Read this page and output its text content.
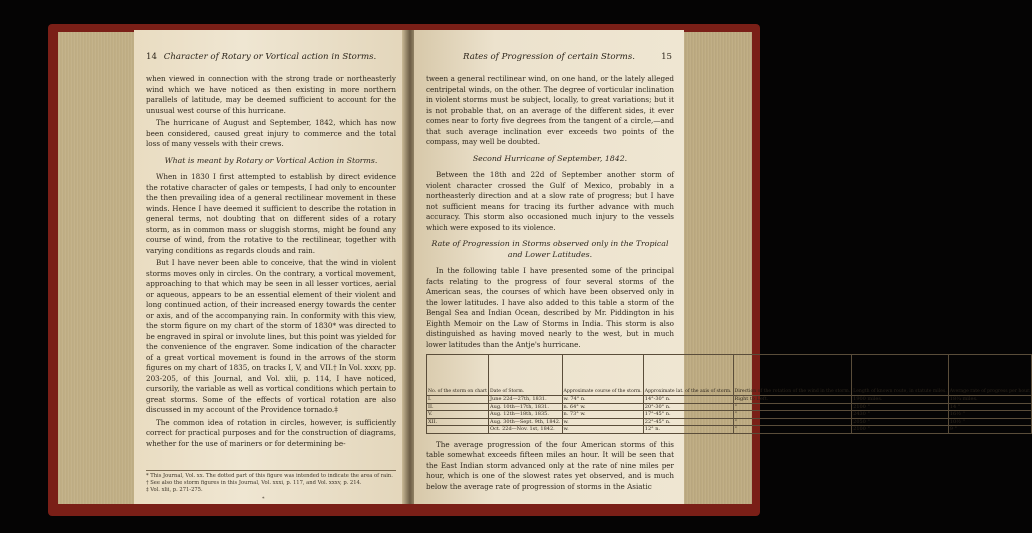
14 Character of Rotary or Vortical action in Storms.

when viewed in connection with the strong trade or northeasterly wind which we have noticed as then existing in more northern parallels of latitude, may be deemed sufficient to account for the unusual west course of this hurricane.

The hurricane of August and September, 1842, which has now been considered, caused great injury to commerce and the total loss of many vessels with their crews.

What is meant by Rotary or Vortical Action in Storms.

When in 1830 I first attempted to establish by direct evidence the rotative character of gales or tempests, I had only to encounter the then prevailing idea of a general rectilinear movement in these winds. Hence I have deemed it sufficient to describe the rotation in general terms, not doubting that on different sides of a rotary storm, as in common mass or sluggish storms, might be found any course of wind, from the rotative to the rectilinear, together with varying conditions as regards clouds and rain.

But I have never been able to conceive, that the wind in violent storms moves only in circles. On the contrary, a vortical movement, approaching to that which may be seen in all lesser vortices, aerial or aqueous, appears to be an essential element of their violent and long continued action, of their increased energy towards the center or axis, and of the accompanying rain. In conformity with this view, the storm figure on my chart of the storm of 1830* was directed to be engraved in spiral or involute lines, but this point was yielded for the convenience of the engraver. Some indication of the character of a great vortical movement is found in the arrows of the storm figures on my chart of 1835, on tracks I, V, and VII.† In Vol. xxxv, pp. 203-205, of this Journal, and Vol. xlii, p. 114, I have noticed, cursorily, the variable as well as vortical conditions which pertain to great storms. Some of the effects of vortical rotation are also discussed in my account of the Providence tornado.‡

The common idea of rotation in circles, however, is sufficiently correct for practical purposes and for the construction of diagrams, whether for the use of mariners or for determining be-

* This Journal, Vol. xx. The dotted part of this figure was intended to indicate the area of rain.
† See also the storm figures in this Journal, Vol. xxxi, p. 117, and Vol. xxxv, p. 214.
‡ Vol. xlii, p. 271-275.
*
Rates of Progression of certain Storms.	15

tween a general rectilinear wind, on one hand, or the lately alleged centripetal winds, on the other. The degree of vorticular inclination in violent storms must be subject, locally, to great variations; but it is not probable that, on an average of the different sides, it ever comes near to forty five degrees from the tangent of a circle,—and that such average inclination ever exceeds two points of the compass, may well be doubted.

Second Hurricane of September, 1842.

Between the 18th and 22d of September another storm of violent character crossed the Gulf of Mexico, probably in a northeasterly direction and at a slow rate of progress; but I have not sufficient means for tracing its further advance with much accuracy. This storm also occasioned much injury to the vessels which were exposed to its violence.

Rate of Progression in Storms observed only in the Tropical and Lower Latitudes.

In the following table I have presented some of the principal facts relating to the progress of four several storms of the American seas, the courses of which have been observed only in the lower latitudes. I have also added to this table a storm of the Bengal Sea and Indian Ocean, described by Mr. Piddington in his Eighth Memoir on the Law of Storms in India. This storm is also distinguished as having moved nearly to the west, but in much lower latitudes than the Antje's hurricane.

No. of the storm on chart	Date of Storm.	Approximate course of the storm.	Approximate lat. of the axis of storm.	Direction of the rotation of the wind in the storm.	Length of known route, in statute miles.	Average rate of progress per hour.
I.	June 22d—27th, 1831.	w. 74° n.	14°-30° n.	Right to Left.	1900 miles.	18¼ miles.
II.	Aug. 10th—17th, 1831.	n. 64° w.	20°-30° n.	"	2100 "	14 "
V.	Aug. 12th—18th, 1835.	n. 73° w.	17°-45° n.	"	2430 "	16½ "
XII.	Aug. 30th—Sept. 9th, 1842.	w.	22°-45° n.	"	2050 "	10½ "
	Oct. 22d—Nov. 1st, 1842.	w.	12° n.	"	2100 "	9 "

The average progression of the four American storms of this table somewhat exceeds fifteen miles an hour. It will be seen that the East Indian storm advanced only at the rate of nine miles per hour, which is one of the slowest rates yet observed, and is much below the average rate of progression of storms in the Asiatic
